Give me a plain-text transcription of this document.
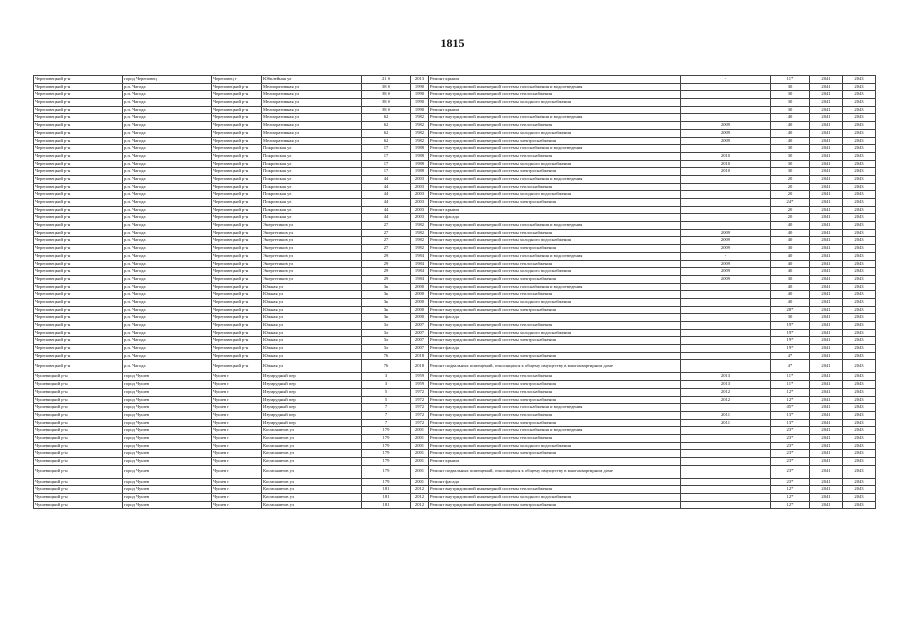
1815
Череповецкий р-н	город Череповец	Череповец г	Юбилейная ул	21 б	2013	Ремонт крыши	-	11*	2041	2043
Череповецкий р-н	р.п. Чагода	Череповецкий р-н	Мелиоративная ул	38 б	1990	Ремонт внутридомовой инженерной системы газоснабжения и водоотведения		30	2041	2043
Череповецкий р-н	р.п. Чагода	Череповецкий р-н	Мелиоративная ул	38 б	1990	Ремонт внутридомовой инженерной системы теплоснабжения		30	2041	2043
Череповецкий р-н	р.п. Чагода	Череповецкий р-н	Мелиоративная ул	38 б	1990	Ремонт внутридомовой инженерной системы холодного водоснабжения		30	2041	2043
Череповецкий р-н	р.п. Чагода	Череповецкий р-н	Мелиоративная ул	38 б	1990	Ремонт крыши		30	2041	2043
Череповецкий р-н	р.п. Чагода	Череповецкий р-н	Мелиоративная ул	62	1982	Ремонт внутридомовой инженерной системы газоснабжения и водоотведения		40	2041	2043
Череповецкий р-н	р.п. Чагода	Череповецкий р-н	Мелиоративная ул	62	1982	Ремонт внутридомовой инженерной системы теплоснабжения	2009	40	2041	2043
Череповецкий р-н	р.п. Чагода	Череповецкий р-н	Мелиоративная ул	62	1982	Ремонт внутридомовой инженерной системы холодного водоснабжения	2009	40	2041	2043
Череповецкий р-н	р.п. Чагода	Череповецкий р-н	Мелиоративная ул	62	1982	Ремонт внутридомовой инженерной системы электроснабжения	2009	40	2041	2043
Череповецкий р-н	р.п. Чагода	Череповецкий р-н	Покровская ул	17	1988	Ремонт внутридомовой инженерной системы газоснабжения и водоотведения		30	2041	2043
Череповецкий р-н	р.п. Чагода	Череповецкий р-н	Покровская ул	17	1988	Ремонт внутридомовой инженерной системы теплоснабжения	2010	30	2041	2043
Череповецкий р-н	р.п. Чагода	Череповецкий р-н	Покровская ул	17	1988	Ремонт внутридомовой инженерной системы холодного водоснабжения	2010	30	2041	2043
Череповецкий р-н	р.п. Чагода	Череповецкий р-н	Покровская ул	17	1988	Ремонт внутридомовой инженерной системы электроснабжения	2010	30	2041	2043
Череповецкий р-н	р.п. Чагода	Череповецкий р-н	Покровская ул	44	2003	Ремонт внутридомовой инженерной системы газоснабжения и водоотведения		20	2041	2043
Череповецкий р-н	р.п. Чагода	Череповецкий р-н	Покровская ул	44	2003	Ремонт внутридомовой инженерной системы теплоснабжения		20	2041	2043
Череповецкий р-н	р.п. Чагода	Череповецкий р-н	Покровская ул	44	2003	Ремонт внутридомовой инженерной системы холодного водоснабжения		20	2041	2043
Череповецкий р-н	р.п. Чагода	Череповецкий р-н	Покровская ул	44	2003	Ремонт внутридомовой инженерной системы электроснабжения		24*	2041	2043
Череповецкий р-н	р.п. Чагода	Череповецкий р-н	Покровская ул	44	2003	Ремонт крыши		20	2041	2043
Череповецкий р-н	р.п. Чагода	Череповецкий р-н	Покровская ул	44	2003	Ремонт фасада		20	2041	2043
Череповецкий р-н	р.п. Чагода	Череповецкий р-н	Энергетиков ул	27	1982	Ремонт внутридомовой инженерной системы газоснабжения и водоотведения		40	2041	2043
Череповецкий р-н	р.п. Чагода	Череповецкий р-н	Энергетиков ул	27	1982	Ремонт внутридомовой инженерной системы теплоснабжения	2009	40	2041	2043
Череповецкий р-н	р.п. Чагода	Череповецкий р-н	Энергетиков ул	27	1982	Ремонт внутридомовой инженерной системы холодного водоснабжения	2009	40	2041	2043
Череповецкий р-н	р.п. Чагода	Череповецкий р-н	Энергетиков ул	27	1982	Ремонт внутридомовой инженерной системы электроснабжения	2009	30	2041	2043
Череповецкий р-н	р.п. Чагода	Череповецкий р-н	Энергетиков ул	29	1984	Ремонт внутридомовой инженерной системы газоснабжения и водоотведения	-	40	2041	2043
Череповецкий р-н	р.п. Чагода	Череповецкий р-н	Энергетиков ул	29	1984	Ремонт внутридомовой инженерной системы теплоснабжения	2009	40	2041	2043
Череповецкий р-н	р.п. Чагода	Череповецкий р-н	Энергетиков ул	29	1984	Ремонт внутридомовой инженерной системы холодного водоснабжения	2009	40	2041	2043
Череповецкий р-н	р.п. Чагода	Череповецкий р-н	Энергетиков ул	29	1984	Ремонт внутридомовой инженерной системы электроснабжения	2009	30	2041	2043
Череповецкий р-н	р.п. Чагода	Череповецкий р-н	Южная ул	3к	2000	Ремонт внутридомовой инженерной системы газоснабжения и водоотведения		40	2041	2043
Череповецкий р-н	р.п. Чагода	Череповецкий р-н	Южная ул	3к	2000	Ремонт внутридомовой инженерной системы теплоснабжения		40	2041	2043
Череповецкий р-н	р.п. Чагода	Череповецкий р-н	Южная ул	3к	2000	Ремонт внутридомовой инженерной системы холодного водоснабжения		40	2041	2043
Череповецкий р-н	р.п. Чагода	Череповецкий р-н	Южная ул	3к	2000	Ремонт внутридомовой инженерной системы электроснабжения		28*	2041	2043
Череповецкий р-н	р.п. Чагода	Череповецкий р-н	Южная ул	3к	2000	Ремонт фасада		30	2041	2043
Череповецкий р-н	р.п. Чагода	Череповецкий р-н	Южная ул	3л	2007	Ремонт внутридомовой инженерной системы теплоснабжения		19*	2041	2043
Череповецкий р-н	р.п. Чагода	Череповецкий р-н	Южная ул	3л	2007	Ремонт внутридомовой инженерной системы холодного водоснабжения		19*	2041	2043
Череповецкий р-н	р.п. Чагода	Череповецкий р-н	Южная ул	3л	2007	Ремонт внутридомовой инженерной системы электроснабжения		19*	2041	2043
Череповецкий р-н	р.п. Чагода	Череповецкий р-н	Южная ул	3л	2007	Ремонт фасада		19*	2041	2043
Череповецкий р-н	р.п. Чагода	Череповецкий р-н	Южная ул	76	2018	Ремонт внутридомовой инженерной системы электроснабжения		4*	2041	2043
Череповецкий р-н	р.п. Чагода	Череповецкий р-н	Южная ул	76	2018	Ремонт подвальных помещений, относящихся к общему имуществу в многоквартирном доме		4*	2041	2043
Чушевицкий р-н	город Чушев	Чушев г	Изумрудный пер	3	1959	Ремонт внутридомовой инженерной системы теплоснабжения	2013	11*	2041	2043
Чушевицкий р-н	город Чушев	Чушев г	Изумрудный пер	3	1959	Ремонт внутридомовой инженерной системы электроснабжения	2013	11*	2041	2043
Чушевицкий р-н	город Чушев	Чушев г	Изумрудный пер	5	1972	Ремонт внутридомовой инженерной системы теплоснабжения	2012	12*	2041	2043
Чушевицкий р-н	город Чушев	Чушев г	Изумрудный пер	5	1972	Ремонт внутридомовой инженерной системы электроснабжения	2012	12*	2041	2043
Чушевицкий р-н	город Чушев	Чушев г	Изумрудный пер	7	1972	Ремонт внутридомовой инженерной системы газоснабжения и водоотведения		45*	2041	2043
Чушевицкий р-н	город Чушев	Чушев г	Изумрудный пер	7	1972	Ремонт внутридомовой инженерной системы теплоснабжения	2011	13*	2041	2043
Чушевицкий р-н	город Чушев	Чушев г	Изумрудный пер	7	1972	Ремонт внутридомовой инженерной системы электроснабжения	2011	13*	2041	2043
Чушевицкий р-н	город Чушев	Чушев г	Космонавтов ул	179	2001	Ремонт внутридомовой инженерной системы газоснабжения и водоотведения		23*	2041	2043
Чушевицкий р-н	город Чушев	Чушев г	Космонавтов ул	179	2001	Ремонт внутридомовой инженерной системы теплоснабжения		23*	2041	2043
Чушевицкий р-н	город Чушев	Чушев г	Космонавтов ул	179	2001	Ремонт внутридомовой инженерной системы холодного водоснабжения		23*	2041	2043
Чушевицкий р-н	город Чушев	Чушев г	Космонавтов ул	179	2001	Ремонт внутридомовой инженерной системы электроснабжения		23*	2041	2043
Чушевицкий р-н	город Чушев	Чушев г	Космонавтов ул	179	2001	Ремонт крыши		23*	2041	2043
Чушевицкий р-н	город Чушев	Чушев г	Космонавтов ул	179	2001	Ремонт подвальных помещений, относящихся к общему имуществу в многоквартирном доме		23*	2041	2043
Чушевицкий р-н	город Чушев	Чушев г	Космонавтов ул	179	2001	Ремонт фасада		23*	2041	2043
Чушевицкий р-н	город Чушев	Чушев г	Космонавтов ул	181	2012	Ремонт внутридомовой инженерной системы теплоснабжения		12*	2041	2043
Чушевицкий р-н	город Чушев	Чушев г	Космонавтов ул	181	2012	Ремонт внутридомовой инженерной системы холодного водоснабжения		12*	2041	2043
Чушевицкий р-н	город Чушев	Чушев г	Космонавтов ул	181	2012	Ремонт внутридомовой инженерной системы электроснабжения		12*	2041	2043
